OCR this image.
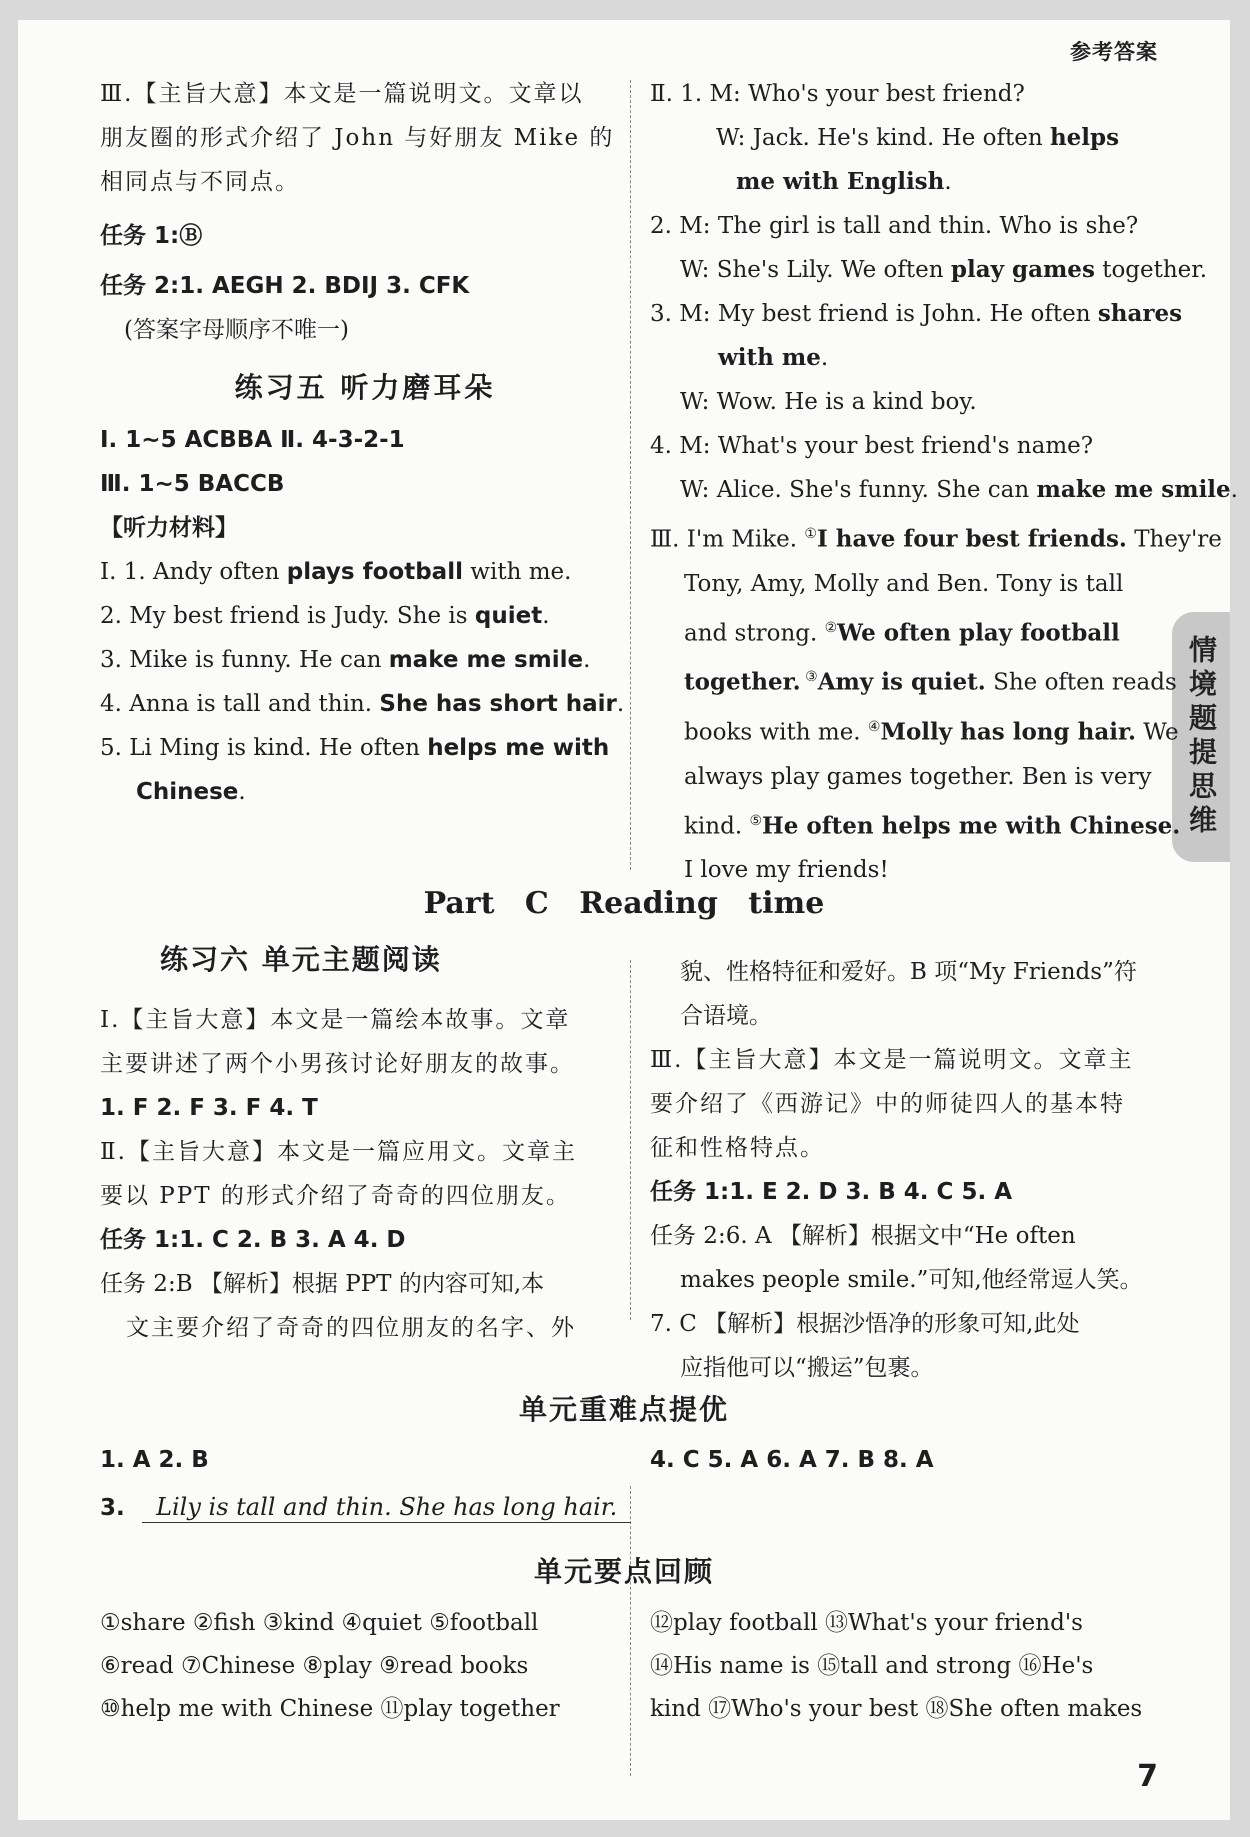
参考答案
情境题提思维
Ⅲ.【主旨大意】本文是一篇说明文。文章以
朋友圈的形式介绍了 John 与好朋友 Mike 的
相同点与不同点。
任务 1:Ⓑ
任务 2:1. AEGH 2. BDIJ 3. CFK
(答案字母顺序不唯一)
练习五 听力磨耳朵
Ⅰ. 1~5 ACBBA Ⅱ. 4-3-2-1
Ⅲ. 1~5 BACCB
【听力材料】
Ⅰ. 1. Andy often plays football with me.
2. My best friend is Judy. She is quiet.
3. Mike is funny. He can make me smile.
4. Anna is tall and thin. She has short hair.
5. Li Ming is kind. He often helps me with
Chinese.
Ⅱ. 1. M: Who's your best friend?
W: Jack. He's kind. He often helps
me with English.
2. M: The girl is tall and thin. Who is she?
W: She's Lily. We often play games together.
3. M: My best friend is John. He often shares
with me.
W: Wow. He is a kind boy.
4. M: What's your best friend's name?
W: Alice. She's funny. She can make me smile.
Ⅲ. I'm Mike. ①I have four best friends. They're
Tony, Amy, Molly and Ben. Tony is tall
and strong. ②We often play football
together. ③Amy is quiet. She often reads
books with me. ④Molly has long hair. We
always play games together. Ben is very
kind. ⑤He often helps me with Chinese.
I love my friends!
Part C Reading time
练习六 单元主题阅读
Ⅰ.【主旨大意】本文是一篇绘本故事。文章
主要讲述了两个小男孩讨论好朋友的故事。
1. F 2. F 3. F 4. T
Ⅱ.【主旨大意】本文是一篇应用文。文章主
要以 PPT 的形式介绍了奇奇的四位朋友。
任务 1:1. C 2. B 3. A 4. D
任务 2:B 【解析】根据 PPT 的内容可知,本
文主要介绍了奇奇的四位朋友的名字、外
貌、性格特征和爱好。B 项“My Friends”符
合语境。
Ⅲ.【主旨大意】本文是一篇说明文。文章主
要介绍了《西游记》中的师徒四人的基本特
征和性格特点。
任务 1:1. E 2. D 3. B 4. C 5. A
任务 2:6. A 【解析】根据文中“He often
makes people smile.”可知,他经常逗人笑。
7. C 【解析】根据沙悟净的形象可知,此处
应指他可以“搬运”包裹。
单元重难点提优
1. A 2. B
3. Lily is tall and thin. She has long hair.
4. C 5. A 6. A 7. B 8. A
单元要点回顾
①share ②fish ③kind ④quiet ⑤football
⑥read ⑦Chinese ⑧play ⑨read books
⑩help me with Chinese ⑪play together
⑫play football ⑬What's your friend's
⑭His name is ⑮tall and strong ⑯He's
kind ⑰Who's your best ⑱She often makes
7
